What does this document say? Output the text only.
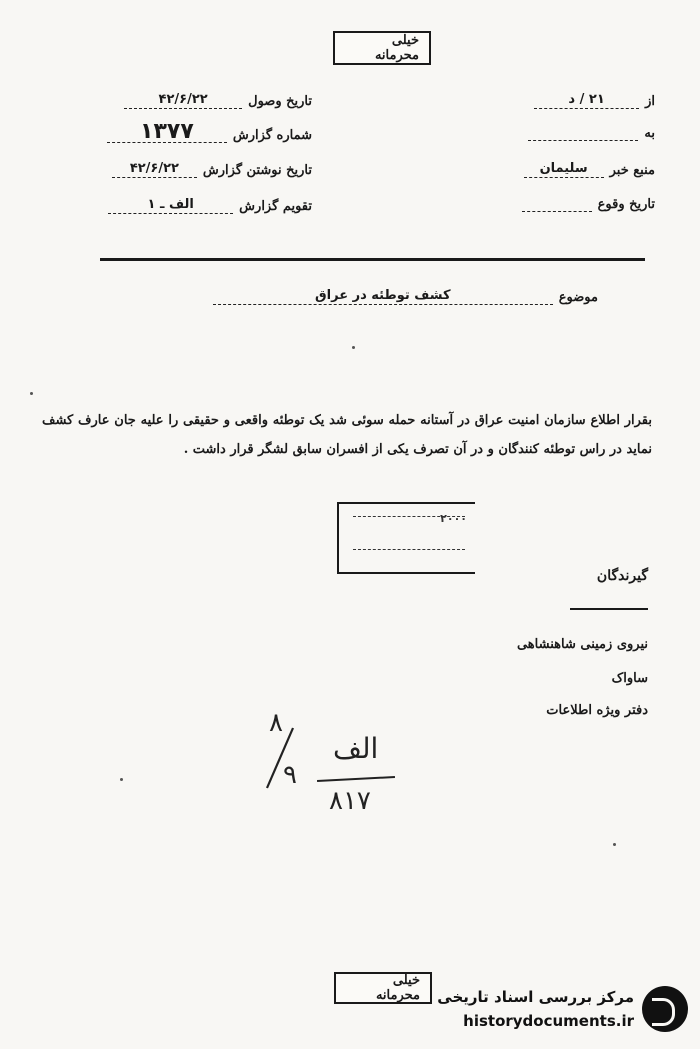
خیلی محرمانه
از
۲۱ / د
به
منبع خبر
سلیمان
تاریخ وقوع
تاریخ وصول
۴۲/۶/۲۲
شماره گزارش
۱۳۷۷
تاریخ نوشتن گزارش
۴۲/۶/۲۲
تقویم گزارش
الف ـ ۱
موضوع
کشف توطئه در عراق
بقرار اطلاع سازمان امنیت عراق در آستانه حمله سوئی شد یک توطئه واقعی و حقیقی را علیه جان عارف کشف نماید در راس توطئه کنندگان و در آن تصرف یکی از افسران سابق لشگر قرار داشت .
۲۰۰۰
گیرندگان
نیروی زمینی شاهنشاهی
ساواک
دفتر ویژه اطلاعات
۸
۹
الف
۸۱۷
خیلی محرمانه مرکز بررسی اسناد تاریخی
historydocuments.ir
